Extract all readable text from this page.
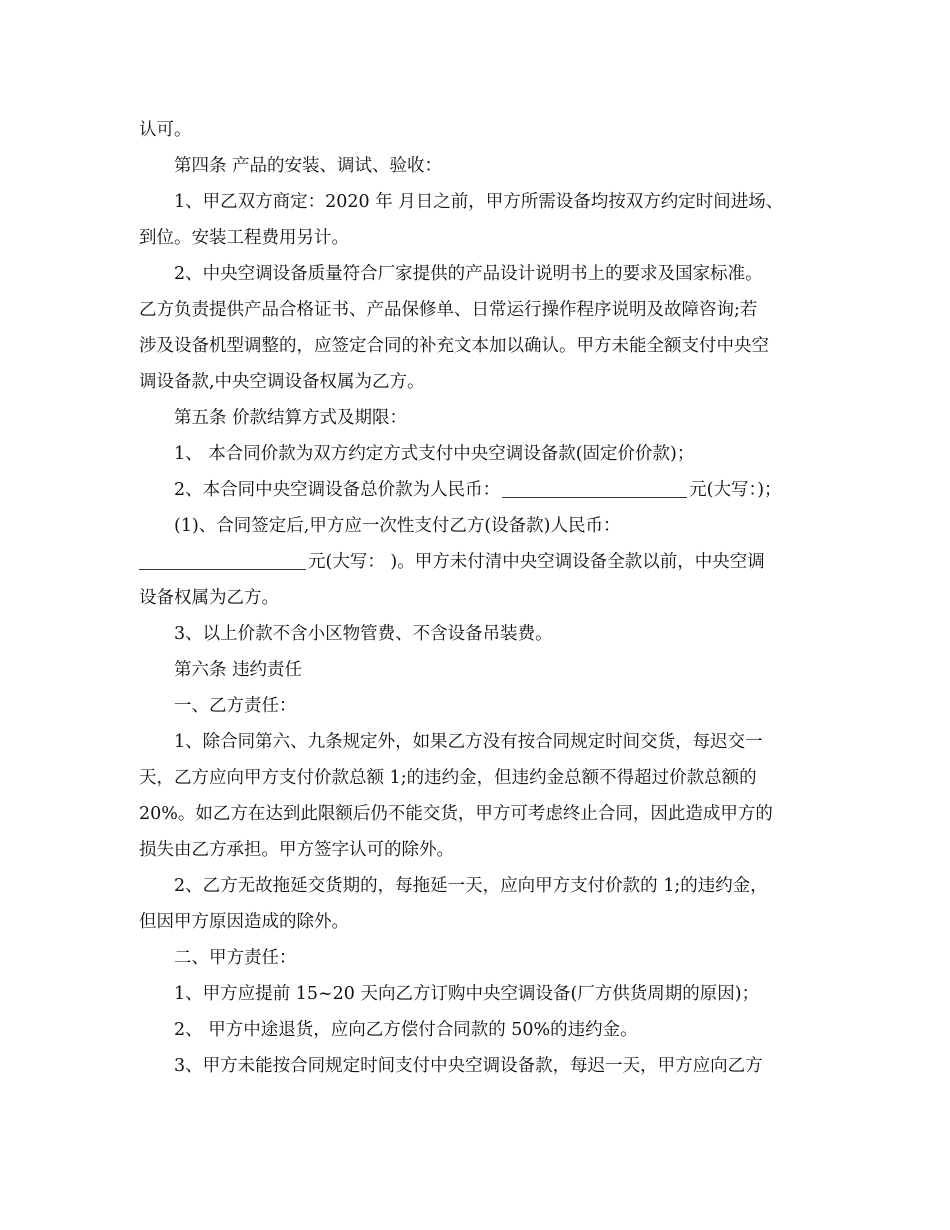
认可。

第四条 产品的安装、调试、验收：

1、甲乙双方商定：2020 年 月日之前，甲方所需设备均按双方约定时间进场、

到位。安装工程费用另计。

2、中央空调设备质量符合厂家提供的产品设计说明书上的要求及国家标准。

乙方负责提供产品合格证书、产品保修单、日常运行操作程序说明及故障咨询;若

涉及设备机型调整的，应签定合同的补充文本加以确认。甲方未能全额支付中央空

调设备款,中央空调设备权属为乙方。

第五条 价款结算方式及期限：

1、 本合同价款为双方约定方式支付中央空调设备款(固定价价款)；

2、本合同中央空调设备总价款为人民币：	元(大写：)；

(1)、合同签定后,甲方应一次性支付乙方(设备款)人民币：

元(大写： )。甲方未付清中央空调设备全款以前，中央空调

设备权属为乙方。

3、以上价款不含小区物管费、不含设备吊装费。

第六条 违约责任

一、乙方责任：

1、除合同第六、九条规定外，如果乙方没有按合同规定时间交货，每迟交一

天，乙方应向甲方支付价款总额 1;的违约金，但违约金总额不得超过价款总额的

20%。如乙方在达到此限额后仍不能交货，甲方可考虑终止合同，因此造成甲方的

损失由乙方承担。甲方签字认可的除外。

2、乙方无故拖延交货期的，每拖延一天，应向甲方支付价款的 1;的违约金，

但因甲方原因造成的除外。

二、甲方责任：

1、甲方应提前 15~20 天向乙方订购中央空调设备(厂方供货周期的原因)；

2、 甲方中途退货，应向乙方偿付合同款的 50%的违约金。

3、甲方未能按合同规定时间支付中央空调设备款，每迟一天，甲方应向乙方
